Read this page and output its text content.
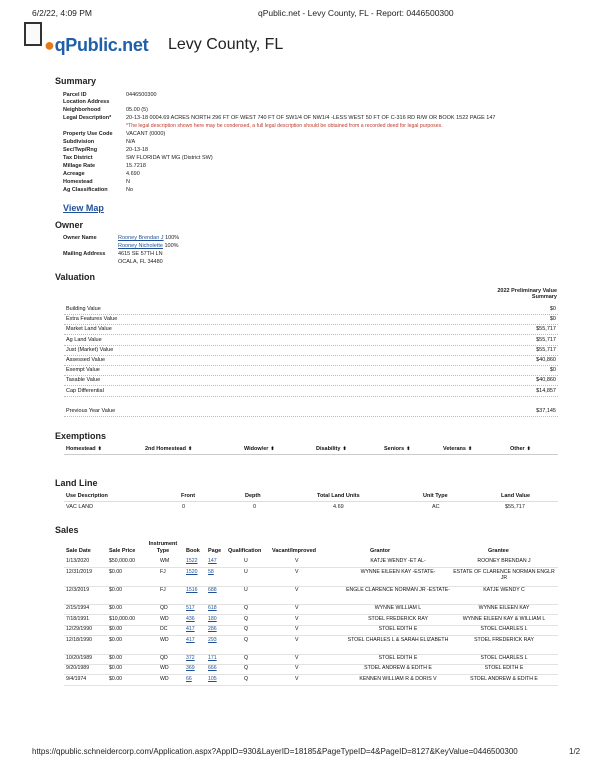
6/2/22, 4:09 PM	qPublic.net - Levy County, FL - Report: 0446500300
●qPublic.net Levy County, FL
Summary
Parcel ID	0446500300
Location Address
Neighborhood	05.00 (5)
Legal Description*	20-13-18 0004.69 ACRES NORTH 296 FT OF WEST 740 FT OF SW1/4 OF NW1/4 -LESS WEST 50 FT OF C-316 RD R/W OR BOOK 1522 PAGE 147
*The legal description shown here may be condensed, a full legal description should be obtained from a recorded deed for legal purposes.
Property Use Code VACANT (0000)
Subdivision	N/A
Sec/Twp/Rng	20-13-18
Tax District	SW FLORIDA WT MG (District SW)
Millage Rate	15.7218
Acreage	4.690
Homestead	N
Ag Classification	No
View Map
Owner
Owner Name	Rooney Brendan J 100%
Rooney Nicholette 100%
Mailing Address 4615 SE 57TH LN
OCALA, FL 34480
Valuation
2022 Preliminary Value
Summary
Building Value	$0
Extra Features Value	$0
Market Land Value	$55,717
Ag Land Value	$55,717
Just (Market) Value	$55,717
Assessed Value	$40,860
Exempt Value	$0
Taxable Value	$40,860
Cap Differential	$14,857
Previous Year Value	$37,145
Exemptions
Homestead ⬍	2nd Homestead ⬍	Widow/er ⬍	Disability ⬍	Seniors ⬍	Veterans ⬍	Other ⬍
Land Line
Use Description	Front	Depth	Total Land Units	Unit Type	Land Value
VAC LAND	0	0	4.69	AC	$55,717
Sales
Sale Date	Sale Price
Instrument Type	Book Page Qualification Vacant/Improved	Grantor	Grantee
1/13/2020	$50,000.00	WM	1522 147	U	V	KATJE WENDY -ET AL-	ROONEY BRENDAN J
12/31/2019	$0.00	FJ	1520 58	U	V	WYNNE EILEEN KAY -ESTATE-	ESTATE OF CLARENCE NORMAN ENGLR JR
12/3/2019	$0.00	FJ	1516 688	U	V	ENGLE CLARENCE NORMAN JR -ESTATE-	KATJE WENDY C
2/15/1994	$0.00	QD	517	618	Q	V	WYNNE WILLIAM L	WYNNE EILEEN KAY
7/18/1991	$10,000.00	WD	436	180	Q	V	STOEL FREDERICK RAY	WYNNE EILEEN KAY & WILLIAM L
12/29/1990	$0.00	DC	417	286	Q	V	STOEL EDITH E	STOEL CHARLES L
12/18/1990	$0.00	WD	417	293	Q	V	STOEL CHARLES L & SARAH ELIZABETH	STOEL FREDERICK RAY
10/20/1989	$0.00	QD	372	171	Q	V	STOEL EDITH E	STOEL CHARLES L
9/20/1989	$0.00	WD	369	666	Q	V	STOEL ANDREW & EDITH E	STOEL EDITH E
9/4/1974	$0.00	WD	66	105	Q	V	KENNEN WILLIAM R & DORIS V	STOEL ANDREW & EDITH E
https://qpublic.schneidercorp.com/Application.aspx?AppID=930&LayerID=18185&PageTypeID=4&PageID=8127&KeyValue=0446500300	1/2
